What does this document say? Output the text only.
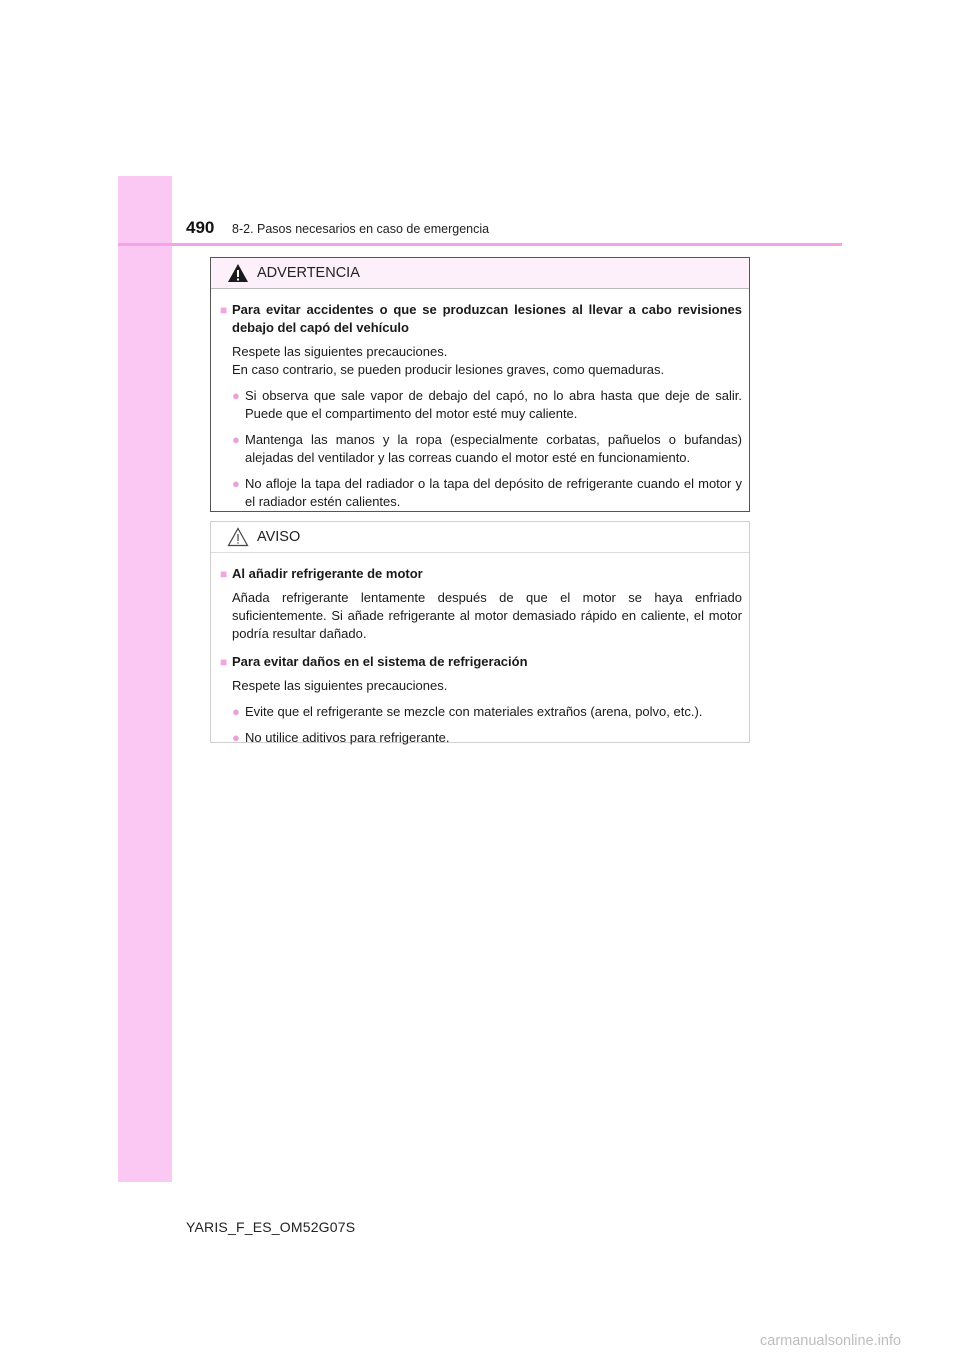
490 8-2. Pasos necesarios en caso de emergencia
ADVERTENCIA
■ Para evitar accidentes o que se produzcan lesiones al llevar a cabo revisiones debajo del capó del vehículo
Respete las siguientes precauciones.
En caso contrario, se pueden producir lesiones graves, como quemaduras.
● Si observa que sale vapor de debajo del capó, no lo abra hasta que deje de salir. Puede que el compartimento del motor esté muy caliente.
● Mantenga las manos y la ropa (especialmente corbatas, pañuelos o bufandas) alejadas del ventilador y las correas cuando el motor esté en funcionamiento.
● No afloje la tapa del radiador o la tapa del depósito de refrigerante cuando el motor y el radiador estén calientes.
AVISO
■ Al añadir refrigerante de motor
Añada refrigerante lentamente después de que el motor se haya enfriado suficientemente. Si añade refrigerante al motor demasiado rápido en caliente, el motor podría resultar dañado.
■ Para evitar daños en el sistema de refrigeración
Respete las siguientes precauciones.
● Evite que el refrigerante se mezcle con materiales extraños (arena, polvo, etc.).
● No utilice aditivos para refrigerante.
YARIS_F_ES_OM52G07S
carmanualsonline.info
